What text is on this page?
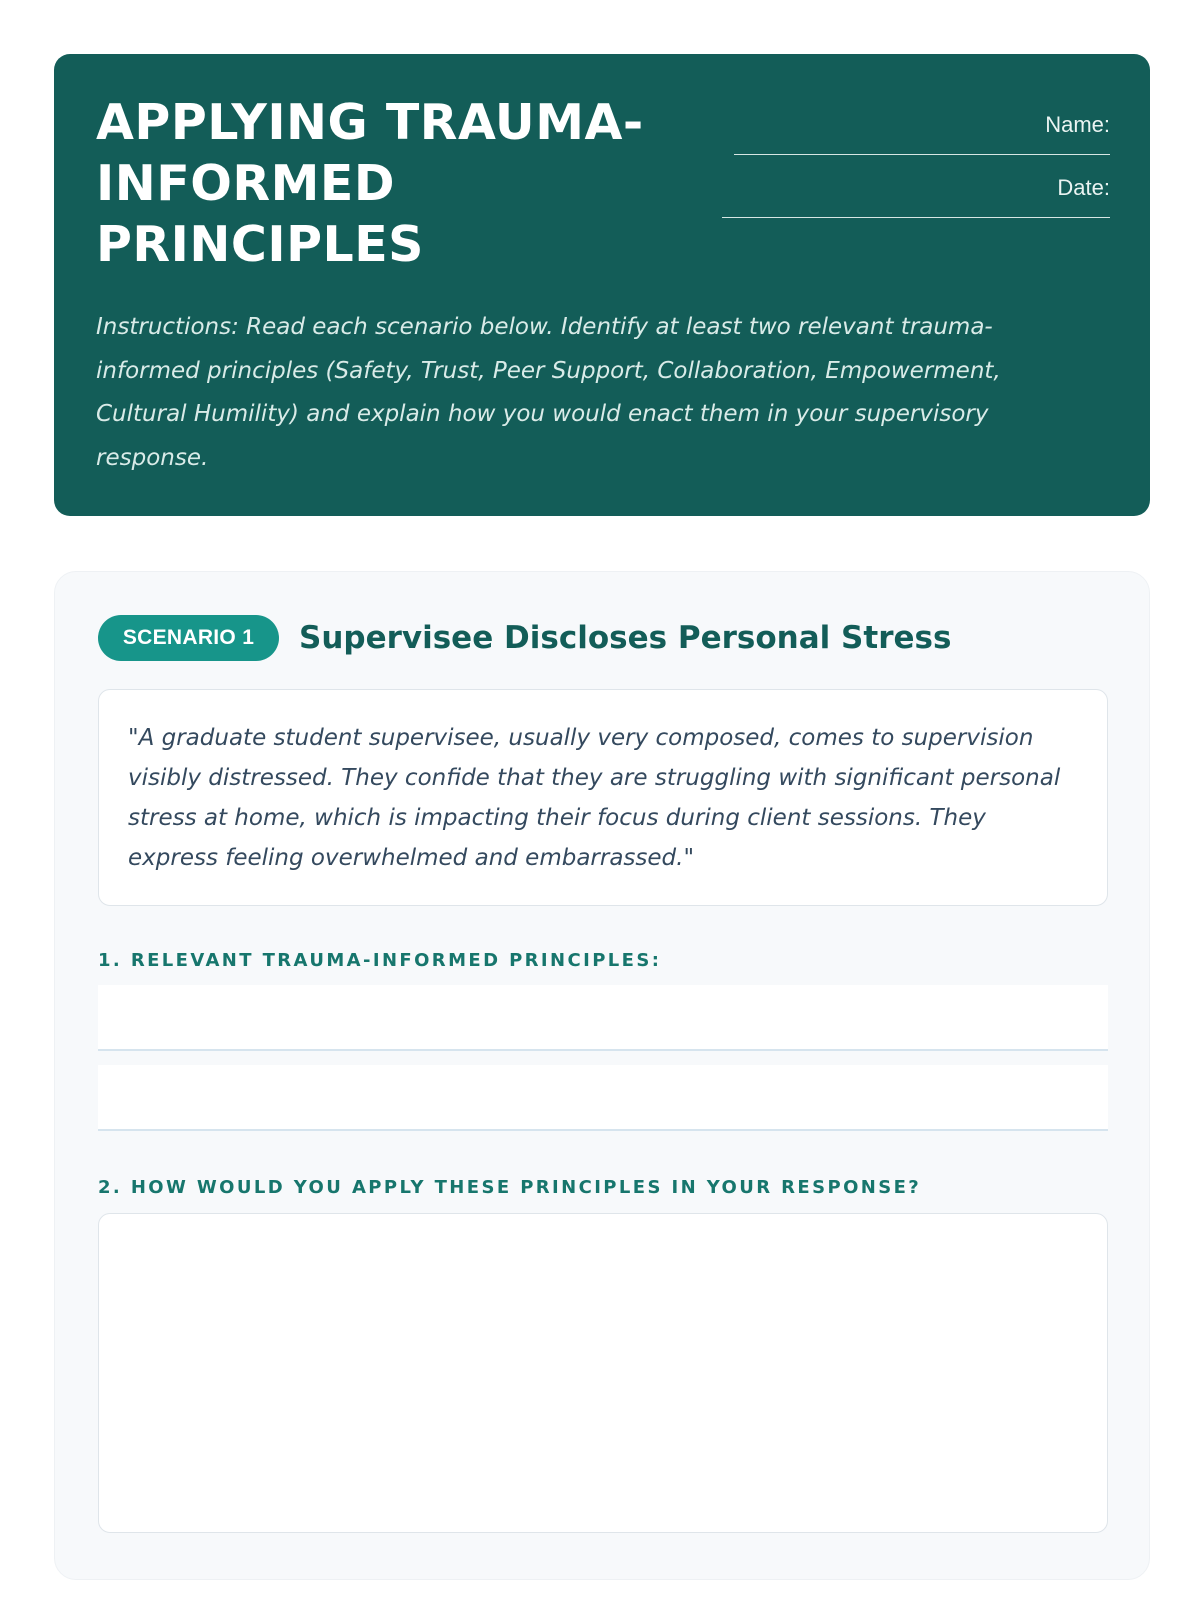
APPLYING TRAUMA-INFORMED PRINCIPLES
Name:
Date:

Instructions: Read each scenario below. Identify at least two relevant trauma-informed principles (Safety, Trust, Peer Support, Collaboration, Empowerment, Cultural Humility) and explain how you would enact them in your supervisory response.

SCENARIO 1	Supervisee Discloses Personal Stress

"A graduate student supervisee, usually very composed, comes to supervision visibly distressed. They confide that they are struggling with significant personal stress at home, which is impacting their focus during client sessions. They express feeling overwhelmed and embarrassed."

1. RELEVANT TRAUMA-INFORMED PRINCIPLES:
2. HOW WOULD YOU APPLY THESE PRINCIPLES IN YOUR RESPONSE?
